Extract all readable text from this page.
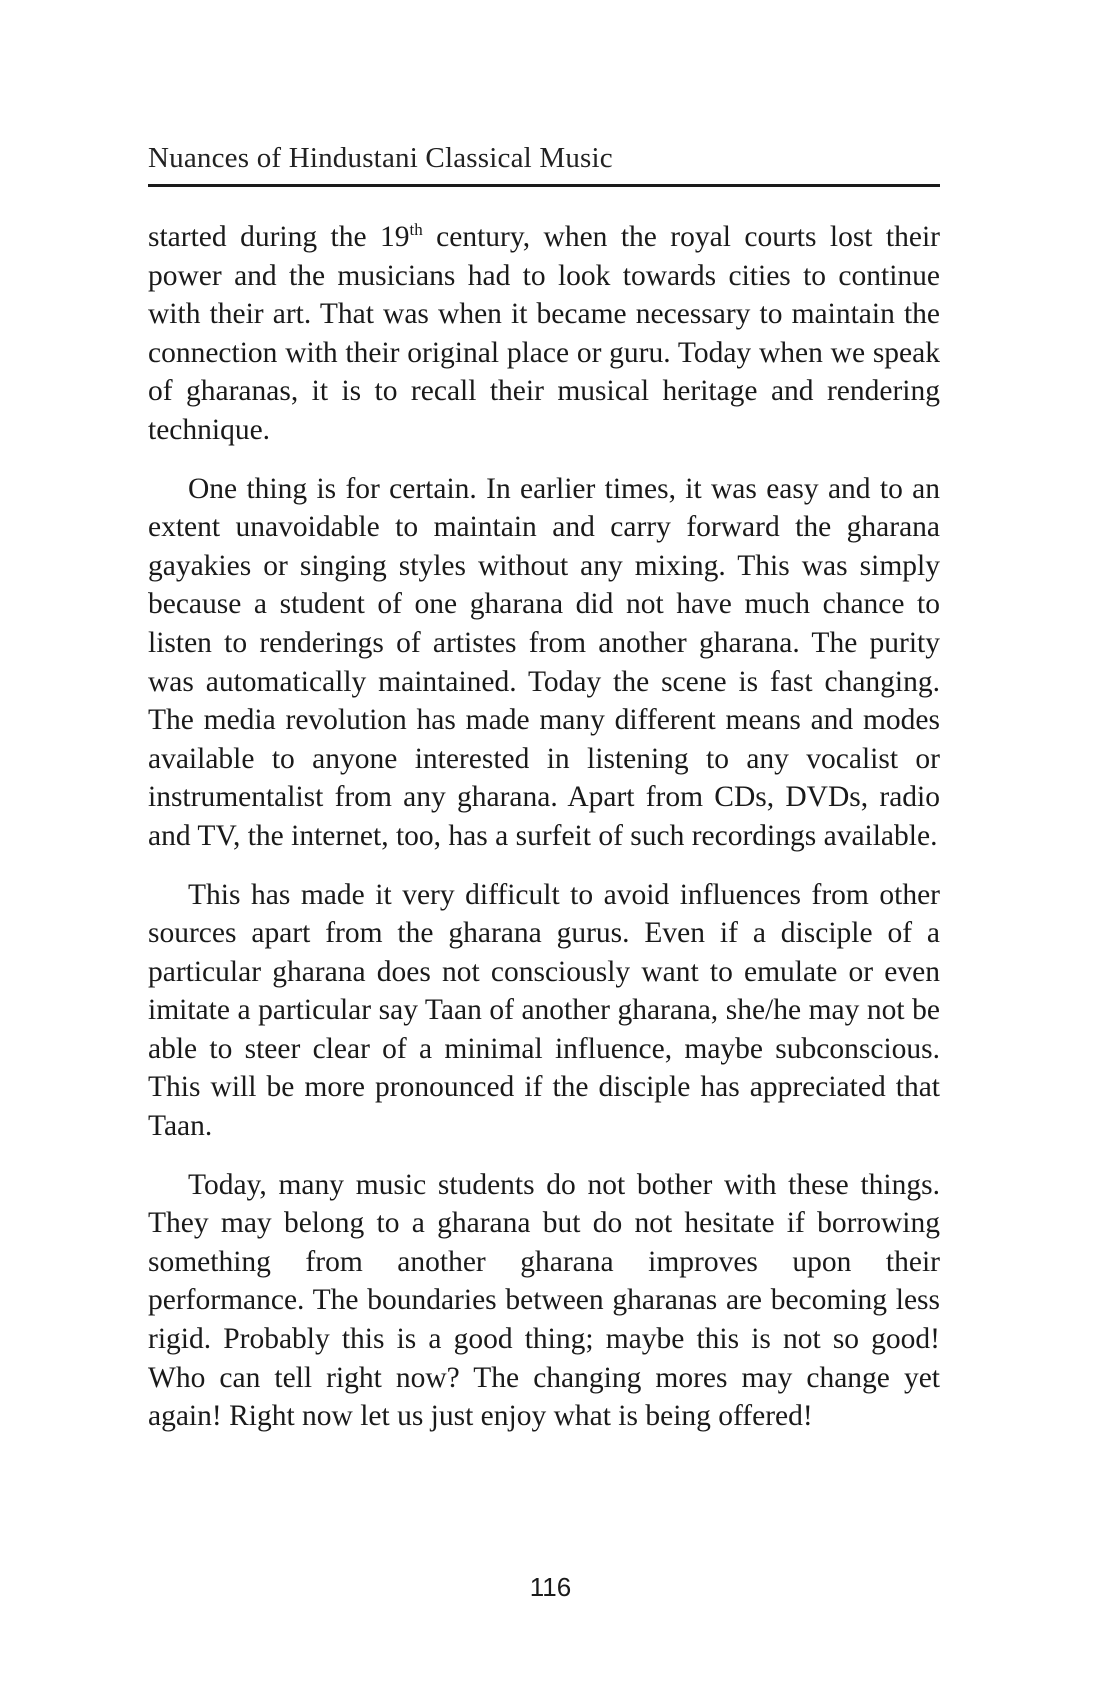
Nuances of Hindustani Classical Music

started during the 19th century, when the royal courts lost their power and the musicians had to look towards cities to continue with their art. That was when it became necessary to maintain the connection with their original place or guru. Today when we speak of gharanas, it is to recall their musical heritage and rendering technique.

One thing is for certain. In earlier times, it was easy and to an extent unavoidable to maintain and carry forward the gharana gayakies or singing styles without any mixing. This was simply because a student of one gharana did not have much chance to listen to renderings of artistes from another gharana. The purity was automatically maintained. Today the scene is fast changing. The media revolution has made many different means and modes available to anyone interested in listening to any vocalist or instrumentalist from any gharana. Apart from CDs, DVDs, radio and TV, the internet, too, has a surfeit of such recordings available.

This has made it very difficult to avoid influences from other sources apart from the gharana gurus. Even if a disciple of a particular gharana does not consciously want to emulate or even imitate a particular say Taan of another gharana, she/he may not be able to steer clear of a minimal influence, maybe subconscious. This will be more pronounced if the disciple has appreciated that Taan.

Today, many music students do not bother with these things. They may belong to a gharana but do not hesitate if borrowing something from another gharana improves upon their performance. The boundaries between gharanas are becoming less rigid. Probably this is a good thing; maybe this is not so good! Who can tell right now? The changing mores may change yet again! Right now let us just enjoy what is being offered!

116
